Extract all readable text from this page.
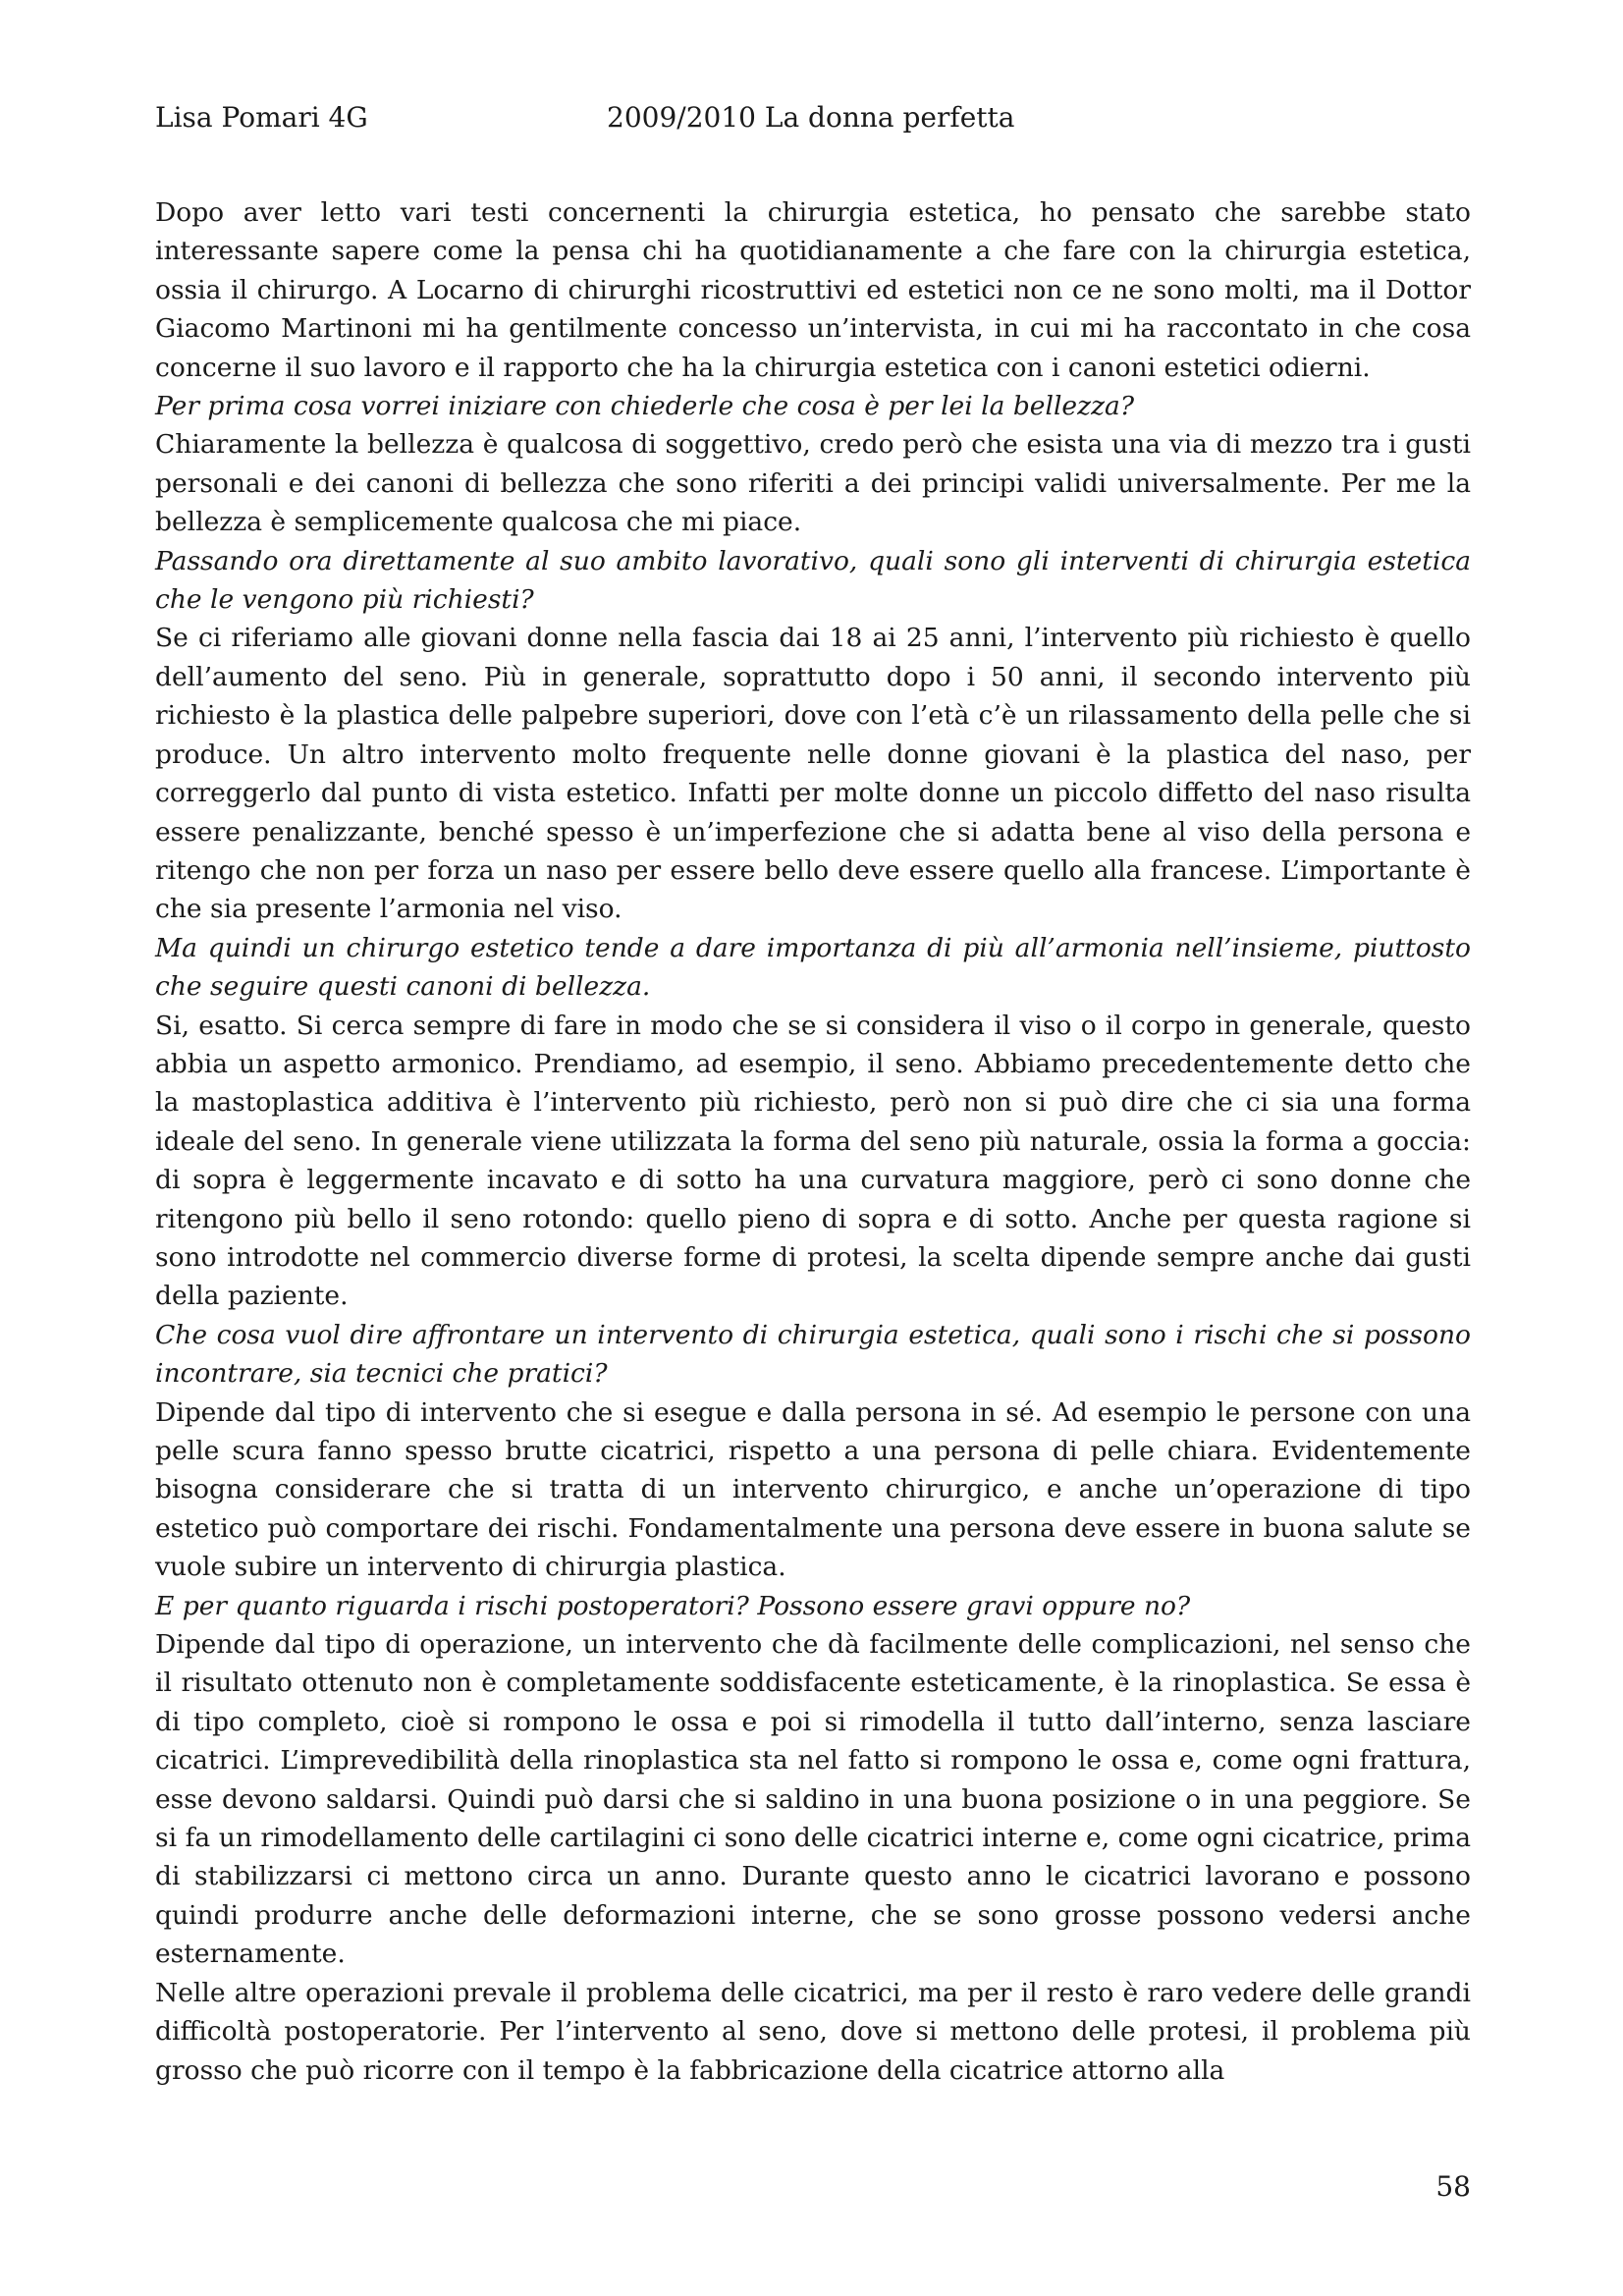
Lisa Pomari 4G	2009/2010 La donna perfetta

Dopo aver letto vari testi concernenti la chirurgia estetica, ho pensato che sarebbe stato interessante sapere come la pensa chi ha quotidianamente a che fare con la chirurgia estetica, ossia il chirurgo. A Locarno di chirurghi ricostruttivi ed estetici non ce ne sono molti, ma il Dottor Giacomo Martinoni mi ha gentilmente concesso un’intervista, in cui mi ha raccontato in che cosa concerne il suo lavoro e il rapporto che ha la chirurgia estetica con i canoni estetici odierni.

Per prima cosa vorrei iniziare con chiederle che cosa è per lei la bellezza?

Chiaramente la bellezza è qualcosa di soggettivo, credo però che esista una via di mezzo tra i gusti personali e dei canoni di bellezza che sono riferiti a dei principi validi universalmente. Per me la bellezza è semplicemente qualcosa che mi piace.

Passando ora direttamente al suo ambito lavorativo, quali sono gli interventi di chirurgia estetica che le vengono più richiesti?

Se ci riferiamo alle giovani donne nella fascia dai 18 ai 25 anni, l’intervento più richiesto è quello dell’aumento del seno. Più in generale, soprattutto dopo i 50 anni, il secondo intervento più richiesto è la plastica delle palpebre superiori, dove con l’età c’è un rilassamento della pelle che si produce. Un altro intervento molto frequente nelle donne giovani è la plastica del naso, per correggerlo dal punto di vista estetico. Infatti per molte donne un piccolo diffetto del naso risulta essere penalizzante, benché spesso è un’imperfezione che si adatta bene al viso della persona e ritengo che non per forza un naso per essere bello deve essere quello alla francese. L’importante è che sia presente l’armonia nel viso.

Ma quindi un chirurgo estetico tende a dare importanza di più all’armonia nell’insieme, piuttosto che seguire questi canoni di bellezza.

Si, esatto. Si cerca sempre di fare in modo che se si considera il viso o il corpo in generale, questo abbia un aspetto armonico. Prendiamo, ad esempio, il seno. Abbiamo precedentemente detto che la mastoplastica additiva è l’intervento più richiesto, però non si può dire che ci sia una forma ideale del seno. In generale viene utilizzata la forma del seno più naturale, ossia la forma a goccia: di sopra è leggermente incavato e di sotto ha una curvatura maggiore, però ci sono donne che ritengono più bello il seno rotondo: quello pieno di sopra e di sotto. Anche per questa ragione si sono introdotte nel commercio diverse forme di protesi, la scelta dipende sempre anche dai gusti della paziente.

Che cosa vuol dire affrontare un intervento di chirurgia estetica, quali sono i rischi che si possono incontrare, sia tecnici che pratici?

Dipende dal tipo di intervento che si esegue e dalla persona in sé. Ad esempio le persone con una pelle scura fanno spesso brutte cicatrici, rispetto a una persona di pelle chiara. Evidentemente bisogna considerare che si tratta di un intervento chirurgico, e anche un’operazione di tipo estetico può comportare dei rischi. Fondamentalmente una persona deve essere in buona salute se vuole subire un intervento di chirurgia plastica.

E per quanto riguarda i rischi postoperatori? Possono essere gravi oppure no?

Dipende dal tipo di operazione, un intervento che dà facilmente delle complicazioni, nel senso che il risultato ottenuto non è completamente soddisfacente esteticamente, è la rinoplastica. Se essa è di tipo completo, cioè si rompono le ossa e poi si rimodella il tutto dall’interno, senza lasciare cicatrici. L’imprevedibilità della rinoplastica sta nel fatto si rompono le ossa e, come ogni frattura, esse devono saldarsi. Quindi può darsi che si saldino in una buona posizione o in una peggiore. Se si fa un rimodellamento delle cartilagini ci sono delle cicatrici interne e, come ogni cicatrice, prima di stabilizzarsi ci mettono circa un anno. Durante questo anno le cicatrici lavorano e possono quindi produrre anche delle deformazioni interne, che se sono grosse possono vedersi anche esternamente.

Nelle altre operazioni prevale il problema delle cicatrici, ma per il resto è raro vedere delle grandi difficoltà postoperatorie. Per l’intervento al seno, dove si mettono delle protesi, il problema più grosso che può ricorre con il tempo è la fabbricazione della cicatrice attorno alla

58
